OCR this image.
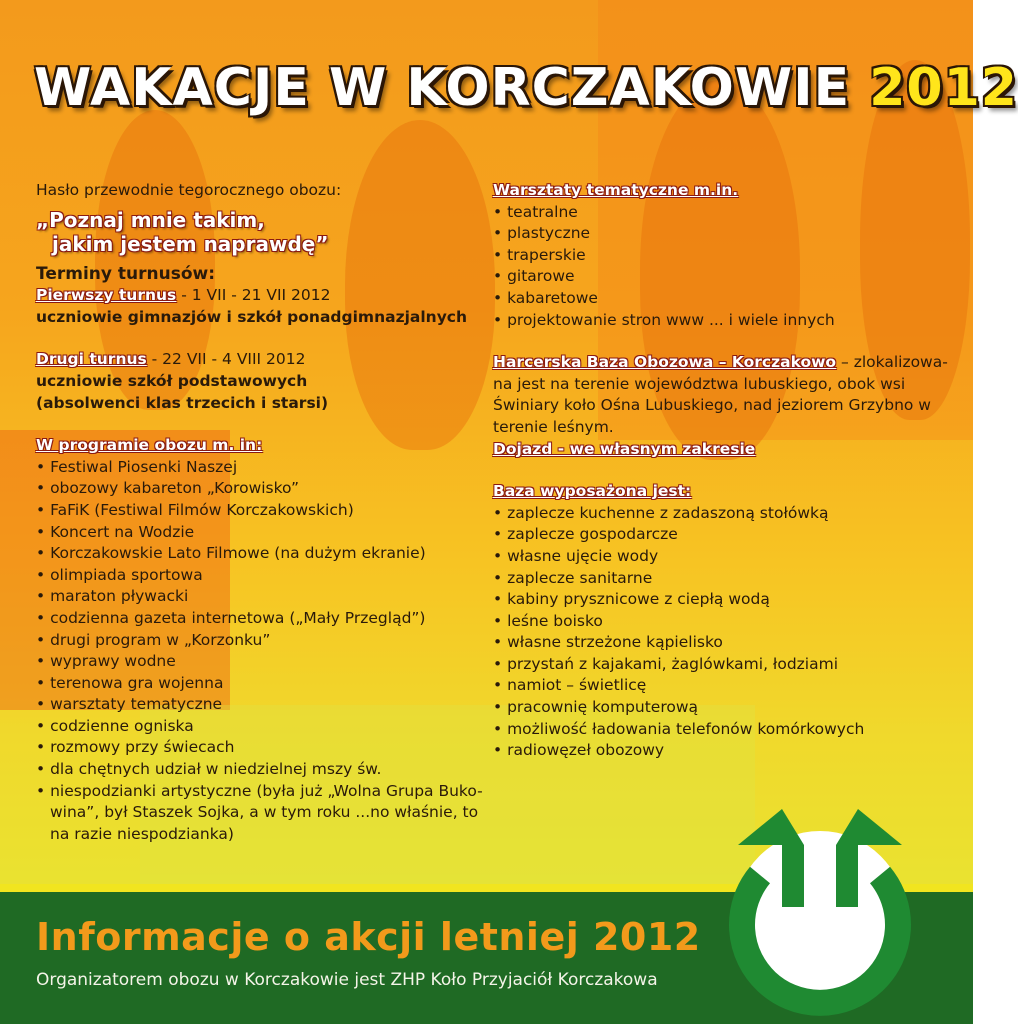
WAKACJE W KORCZAKOWIE 2012
Hasło przewodnie tegorocznego obozu:
„Poznaj mnie takim,
jakim jestem naprawdę”
Terminy turnusów:
Pierwszy turnus - 1 VII - 21 VII 2012
uczniowie gimnazjów i szkół ponadgimnazjalnych
Drugi turnus - 22 VII - 4 VIII 2012
uczniowie szkół podstawowych
(absolwenci klas trzecich i starsi)
W programie obozu m. in:
• Festiwal Piosenki Naszej
• obozowy kabareton „Korowisko”
• FaFiK (Festiwal Filmów Korczakowskich)
• Koncert na Wodzie
• Korczakowskie Lato Filmowe (na dużym ekranie)
• olimpiada sportowa
• maraton pływacki
• codzienna gazeta internetowa („Mały Przegląd”)
• drugi program w „Korzonku”
• wyprawy wodne
• terenowa gra wojenna
• warsztaty tematyczne
• codzienne ogniska
• rozmowy przy świecach
• dla chętnych udział w niedzielnej mszy św.
• niespodzianki artystyczne (była już „Wolna Grupa Buko-wina”, był Staszek Sojka, a w tym roku ...no właśnie, to na razie niespodzianka)
Warsztaty tematyczne m.in.
• teatralne
• plastyczne
• traperskie
• gitarowe
• kabaretowe
• projektowanie stron www ... i wiele innych
Harcerska Baza Obozowa – Korczakowo – zlokalizowa-na jest na terenie województwa lubuskiego, obok wsi Świniary koło Ośna Lubuskiego, nad jeziorem Grzybno w terenie leśnym.
Dojazd - we własnym zakresie
Baza wyposażona jest:
• zaplecze kuchenne z zadaszoną stołówką
• zaplecze gospodarcze
• własne ujęcie wody
• zaplecze sanitarne
• kabiny prysznicowe z ciepłą wodą
• leśne boisko
• własne strzeżone kąpielisko
• przystań z kajakami, żaglówkami, łodziami
• namiot – świetlicę
• pracownię komputerową
• możliwość ładowania telefonów komórkowych
• radiowęzeł obozowy
Informacje o akcji letniej 2012
Organizatorem obozu w Korczakowie jest ZHP Koło Przyjaciół Korczakowa
